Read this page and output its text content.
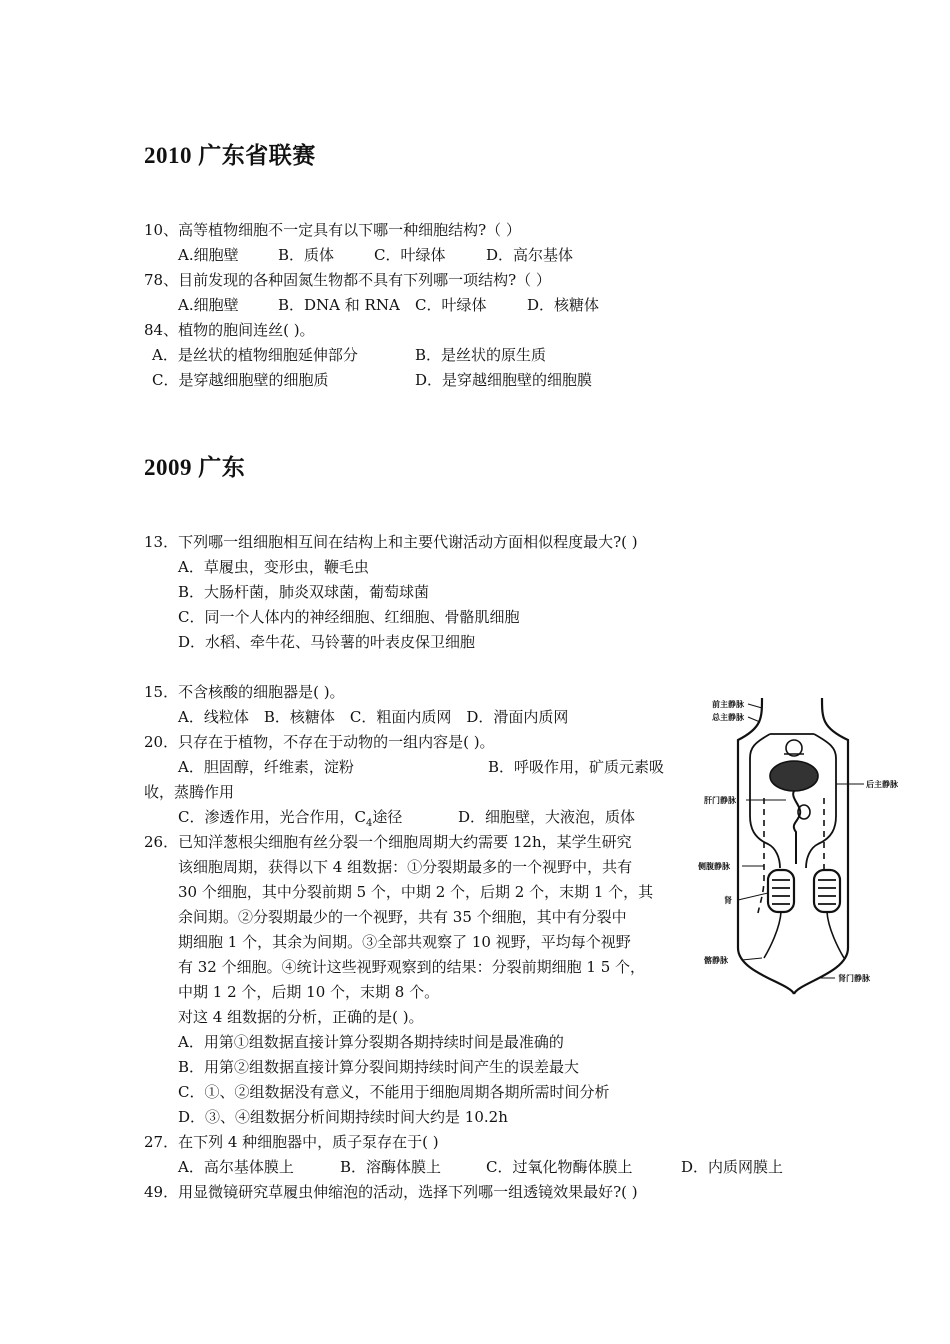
2010 广东省联赛
10、高等植物细胞不一定具有以下哪一种细胞结构?（ ）
A.细胞壁	B．质体	C．叶绿体	D．高尔基体
78、目前发现的各种固氮生物都不具有下列哪一项结构?（ ）
A.细胞壁	B．DNA 和 RNA C．叶绿体	D．核糖体
84、植物的胞间连丝( )。
A．是丝状的植物细胞延伸部分	B．是丝状的原生质
C．是穿越细胞壁的细胞质	D．是穿越细胞壁的细胞膜
2009 广东
13．下列哪一组细胞相互间在结构上和主要代谢活动方面相似程度最大?( )
A．草履虫，变形虫，鞭毛虫
B．大肠杆菌，肺炎双球菌，葡萄球菌
C．同一个人体内的神经细胞、红细胞、骨骼肌细胞
D．水稻、牵牛花、马铃薯的叶表皮保卫细胞
15．不含核酸的细胞器是( )。
A．线粒体　B．核糖体　C．粗面内质网　D．滑面内质网
20．只存在于植物，不存在于动物的一组内容是( )。
A．胆固醇，纤维素，淀粉	B．呼吸作用，矿质元素吸
收，蒸腾作用
C．渗透作用，光合作用，$C_4$途径	D．细胞壁，大液泡，质体
26．已知洋葱根尖细胞有丝分裂一个细胞周期大约需要 12h，某学生研究
该细胞周期，获得以下 4 组数据：①分裂期最多的一个视野中，共有
30 个细胞，其中分裂前期 5 个，中期 2 个，后期 2 个，末期 1 个，其
余间期。②分裂期最少的一个视野，共有 35 个细胞，其中有分裂中
期细胞 1 个，其余为间期。③全部共观察了 10 视野，平均每个视野
有 32 个细胞。④统计这些视野观察到的结果：分裂前期细胞 1 5 个，
中期 1 2 个，后期 10 个，末期 8 个。
对这 4 组数据的分析，正确的是( )。
A．用第①组数据直接计算分裂期各期持续时间是最准确的
B．用第②组数据直接计算分裂间期持续时间产生的误差最大
C．①、②组数据没有意义，不能用于细胞周期各期所需时间分析
D．③、④组数据分析间期持续时间大约是 10.2h
27．在下列 4 种细胞器中，质子泵存在于( )
A．高尔基体膜上	B．溶酶体膜上	C．过氧化物酶体膜上	D．内质网膜上
49．用显微镜研究草履虫伸缩泡的活动，选择下列哪一组透镜效果最好?( )
前主静脉
总主静脉
后主静脉
肝门静脉
侧腹静脉
肾
髂静脉
肾门静脉
